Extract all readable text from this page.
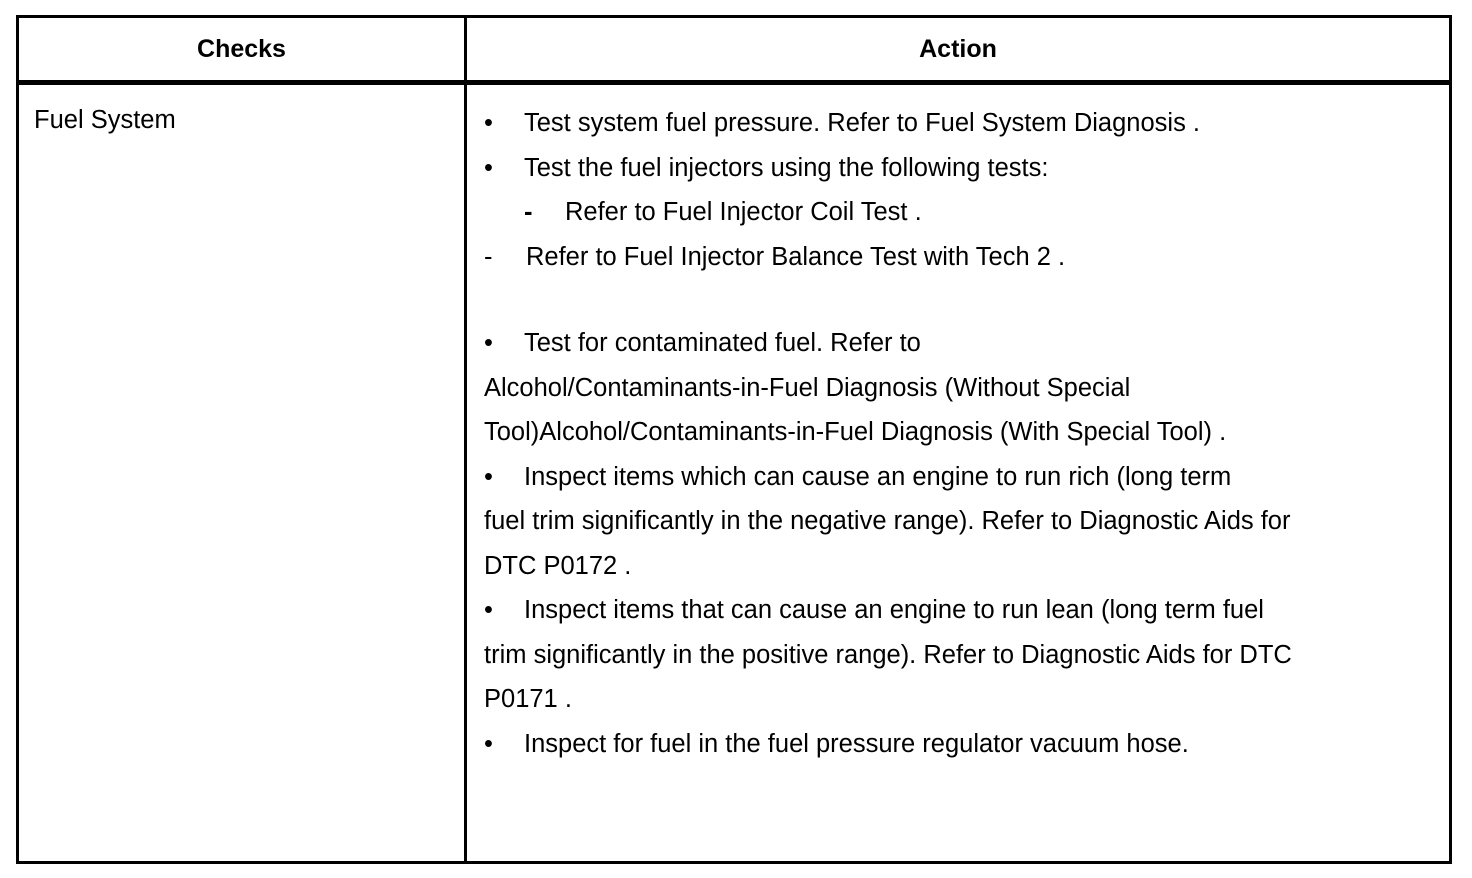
Checks	Action
Fuel System	• Test system fuel pressure. Refer to Fuel System Diagnosis .
• Test the fuel injectors using the following tests:
- Refer to Fuel Injector Coil Test .
- Refer to Fuel Injector Balance Test with Tech 2 .
• Test for contaminated fuel. Refer to
Alcohol/Contaminants-in-Fuel Diagnosis (Without Special
Tool)Alcohol/Contaminants-in-Fuel Diagnosis (With Special Tool) .
• Inspect items which can cause an engine to run rich (long term
fuel trim significantly in the negative range). Refer to Diagnostic Aids for
DTC P0172 .
• Inspect items that can cause an engine to run lean (long term fuel
trim significantly in the positive range). Refer to Diagnostic Aids for DTC
P0171 .
• Inspect for fuel in the fuel pressure regulator vacuum hose.
